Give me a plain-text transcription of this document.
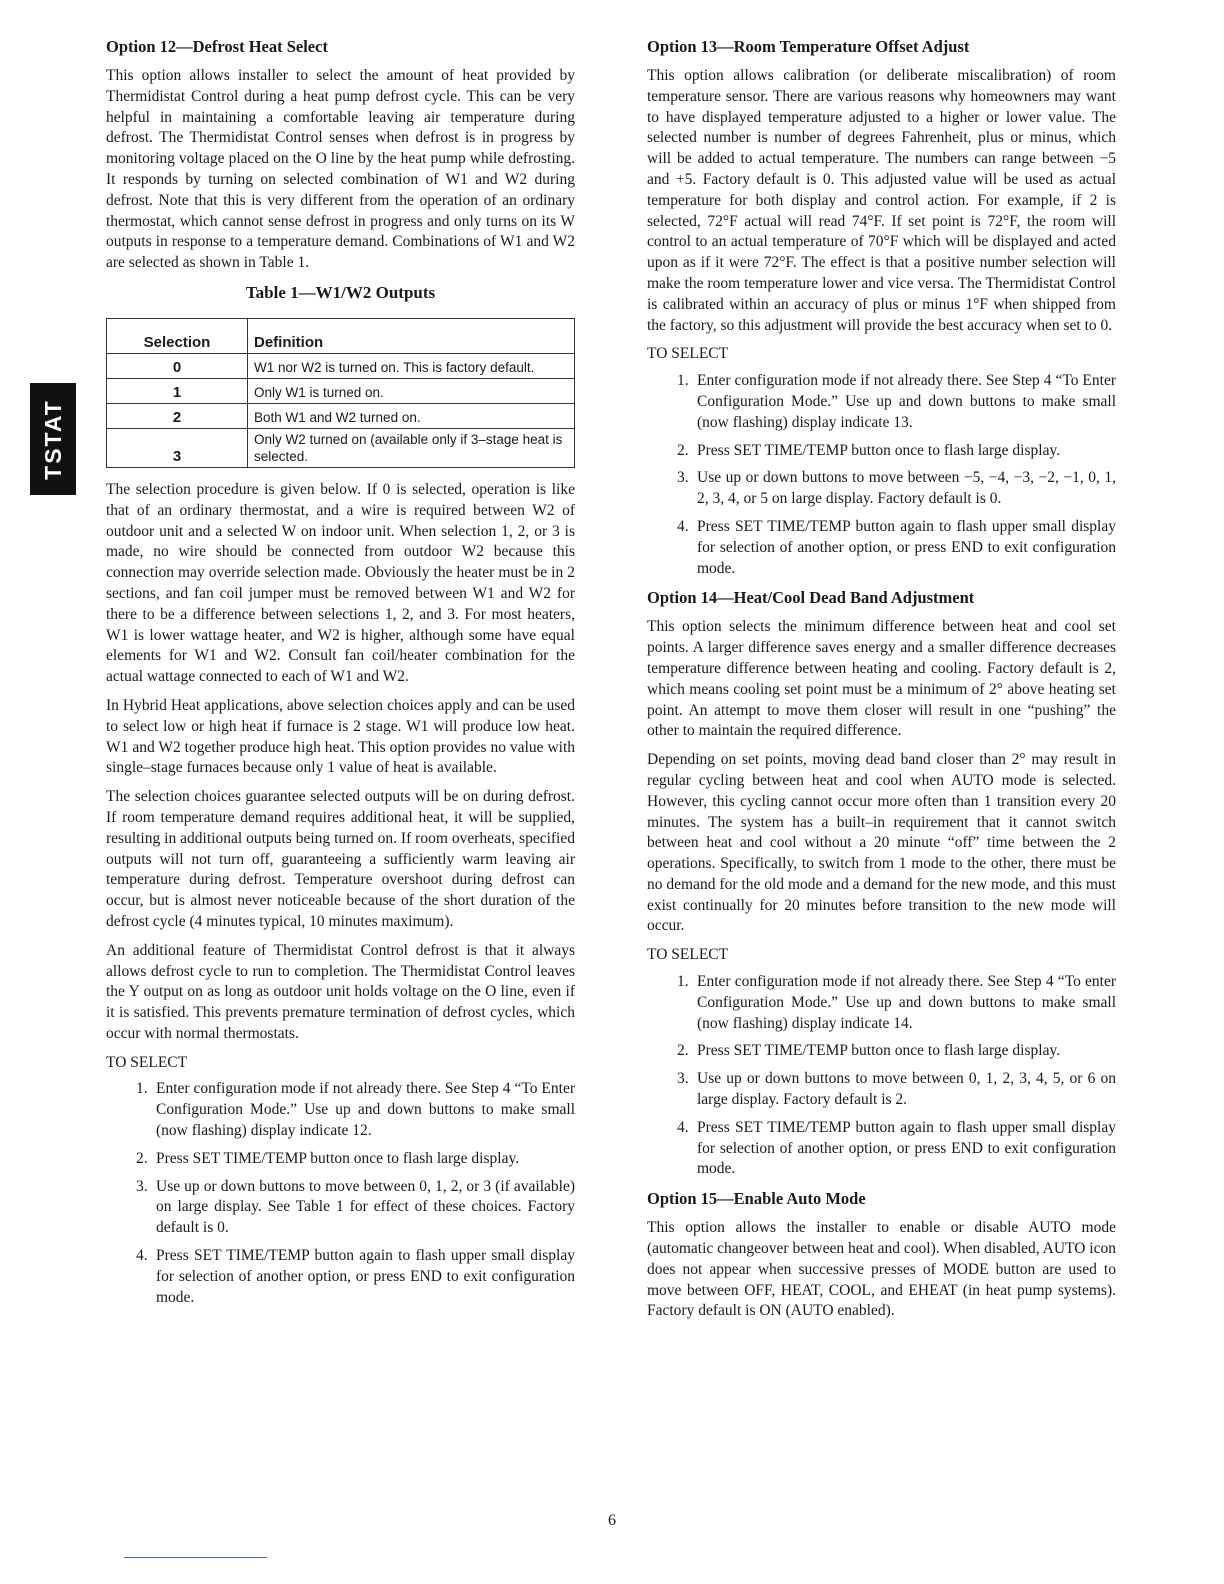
TSTAT
Option 12—Defrost Heat Select

This option allows installer to select the amount of heat provided by Thermidistat Control during a heat pump defrost cycle. This can be very helpful in maintaining a comfortable leaving air temperature during defrost. The Thermidistat Control senses when defrost is in progress by monitoring voltage placed on the O line by the heat pump while defrosting. It responds by turning on selected combination of W1 and W2 during defrost. Note that this is very different from the operation of an ordinary thermostat, which cannot sense defrost in progress and only turns on its W outputs in response to a temperature demand. Combinations of W1 and W2 are selected as shown in Table 1.

Table 1—W1/W2 Outputs
Selection	Definition
0	W1 nor W2 is turned on. This is factory default.
1	Only W1 is turned on.
2	Both W1 and W2 turned on.
3	Only W2 turned on (available only if 3–stage heat is selected.

The selection procedure is given below. If 0 is selected, operation is like that of an ordinary thermostat, and a wire is required between W2 of outdoor unit and a selected W on indoor unit. When selection 1, 2, or 3 is made, no wire should be connected from outdoor W2 because this connection may override selection made. Obviously the heater must be in 2 sections, and fan coil jumper must be removed between W1 and W2 for there to be a difference between selections 1, 2, and 3. For most heaters, W1 is lower wattage heater, and W2 is higher, although some have equal elements for W1 and W2. Consult fan coil/heater combination for the actual wattage connected to each of W1 and W2.

In Hybrid Heat applications, above selection choices apply and can be used to select low or high heat if furnace is 2 stage. W1 will produce low heat. W1 and W2 together produce high heat. This option provides no value with single–stage furnaces because only 1 value of heat is available.

The selection choices guarantee selected outputs will be on during defrost. If room temperature demand requires additional heat, it will be supplied, resulting in additional outputs being turned on. If room overheats, specified outputs will not turn off, guaranteeing a sufficiently warm leaving air temperature during defrost. Temperature overshoot during defrost can occur, but is almost never noticeable because of the short duration of the defrost cycle (4 minutes typical, 10 minutes maximum).

An additional feature of Thermidistat Control defrost is that it always allows defrost cycle to run to completion. The Thermidistat Control leaves the Y output on as long as outdoor unit holds voltage on the O line, even if it is satisfied. This prevents premature termination of defrost cycles, which occur with normal thermostats.

TO SELECT
1. Enter configuration mode if not already there. See Step 4 “To Enter Configuration Mode.” Use up and down buttons to make small (now flashing) display indicate 12.
2. Press SET TIME/TEMP button once to flash large display.
3. Use up or down buttons to move between 0, 1, 2, or 3 (if available) on large display. See Table 1 for effect of these choices. Factory default is 0.
4. Press SET TIME/TEMP button again to flash upper small display for selection of another option, or press END to exit configuration mode.
Option 13—Room Temperature Offset Adjust

This option allows calibration (or deliberate miscalibration) of room temperature sensor. There are various reasons why homeowners may want to have displayed temperature adjusted to a higher or lower value. The selected number is number of degrees Fahrenheit, plus or minus, which will be added to actual temperature. The numbers can range between −5 and +5. Factory default is 0. This adjusted value will be used as actual temperature for both display and control action. For example, if 2 is selected, 72°F actual will read 74°F. If set point is 72°F, the room will control to an actual temperature of 70°F which will be displayed and acted upon as if it were 72°F. The effect is that a positive number selection will make the room temperature lower and vice versa. The Thermidistat Control is calibrated within an accuracy of plus or minus 1°F when shipped from the factory, so this adjustment will provide the best accuracy when set to 0.

TO SELECT
1. Enter configuration mode if not already there. See Step 4 “To Enter Configuration Mode.” Use up and down buttons to make small (now flashing) display indicate 13.
2. Press SET TIME/TEMP button once to flash large display.
3. Use up or down buttons to move between −5, −4, −3, −2, −1, 0, 1, 2, 3, 4, or 5 on large display. Factory default is 0.
4. Press SET TIME/TEMP button again to flash upper small display for selection of another option, or press END to exit configuration mode.
Option 14—Heat/Cool Dead Band Adjustment

This option selects the minimum difference between heat and cool set points. A larger difference saves energy and a smaller difference decreases temperature difference between heating and cooling. Factory default is 2, which means cooling set point must be a minimum of 2° above heating set point. An attempt to move them closer will result in one “pushing” the other to maintain the required difference.

Depending on set points, moving dead band closer than 2° may result in regular cycling between heat and cool when AUTO mode is selected. However, this cycling cannot occur more often than 1 transition every 20 minutes. The system has a built–in requirement that it cannot switch between heat and cool without a 20 minute “off” time between the 2 operations. Specifically, to switch from 1 mode to the other, there must be no demand for the old mode and a demand for the new mode, and this must exist continually for 20 minutes before transition to the new mode will occur.

TO SELECT
1. Enter configuration mode if not already there. See Step 4 “To enter Configuration Mode.” Use up and down buttons to make small (now flashing) display indicate 14.
2. Press SET TIME/TEMP button once to flash large display.
3. Use up or down buttons to move between 0, 1, 2, 3, 4, 5, or 6 on large display. Factory default is 2.
4. Press SET TIME/TEMP button again to flash upper small display for selection of another option, or press END to exit configuration mode.
Option 15—Enable Auto Mode

This option allows the installer to enable or disable AUTO mode (automatic changeover between heat and cool). When disabled, AUTO icon does not appear when successive presses of MODE button are used to move between OFF, HEAT, COOL, and EHEAT (in heat pump systems). Factory default is ON (AUTO enabled).

6
